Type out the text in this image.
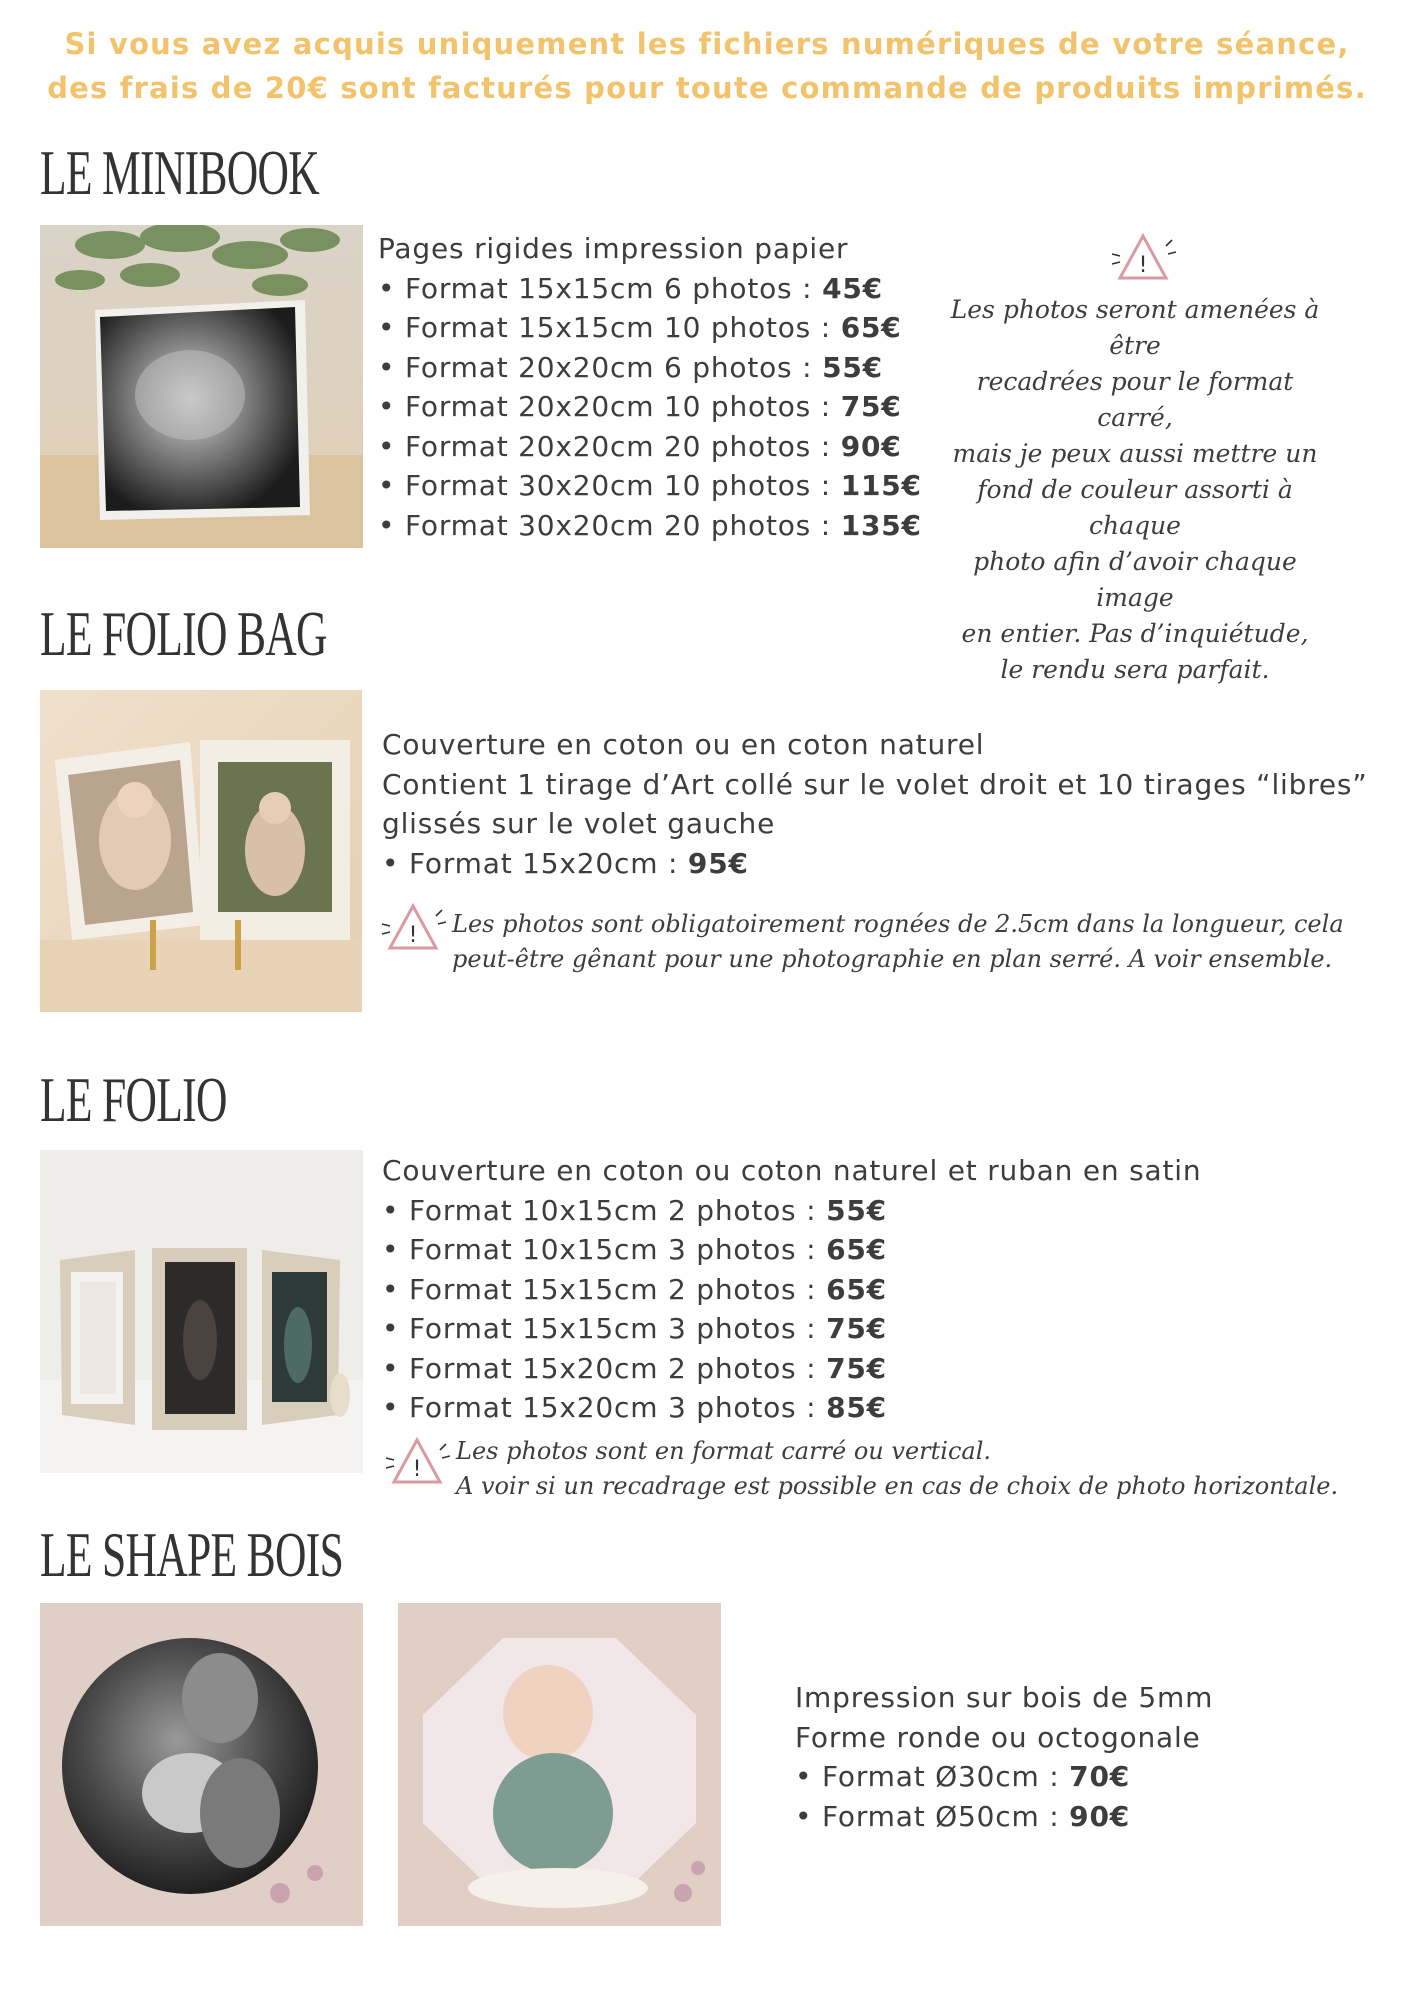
Si vous avez acquis uniquement les fichiers numériques de votre séance,
des frais de 20€ sont facturés pour toute commande de produits imprimés.
LE MINIBOOK
Pages rigides impression papier
• Format 15x15cm 6 photos : 45€
• Format 15x15cm 10 photos : 65€
• Format 20x20cm 6 photos : 55€
• Format 20x20cm 10 photos : 75€
• Format 20x20cm 20 photos : 90€
• Format 30x20cm 10 photos : 115€
• Format 30x20cm 20 photos : 135€
!
Les photos seront amenées à être
recadrées pour le format carré,
mais je peux aussi mettre un
fond de couleur assorti à chaque
photo afin d’avoir chaque image
en entier. Pas d’inquiétude,
le rendu sera parfait.
LE FOLIO BAG
Couverture en coton ou en coton naturel
Contient 1 tirage d’Art collé sur le volet droit et 10 tirages “libres”
glissés sur le volet gauche
• Format 15x20cm : 95€
! Les photos sont obligatoirement rognées de 2.5cm dans la longueur, cela
peut-être gênant pour une photographie en plan serré. A voir ensemble.
LE FOLIO
Couverture en coton ou coton naturel et ruban en satin
• Format 10x15cm 2 photos : 55€
• Format 10x15cm 3 photos : 65€
• Format 15x15cm 2 photos : 65€
• Format 15x15cm 3 photos : 75€
• Format 15x20cm 2 photos : 75€
• Format 15x20cm 3 photos : 85€
!
Les photos sont en format carré ou vertical.
A voir si un recadrage est possible en cas de choix de photo horizontale.
LE SHAPE BOIS
Impression sur bois de 5mm
Forme ronde ou octogonale
• Format Ø30cm : 70€
• Format Ø50cm : 90€
